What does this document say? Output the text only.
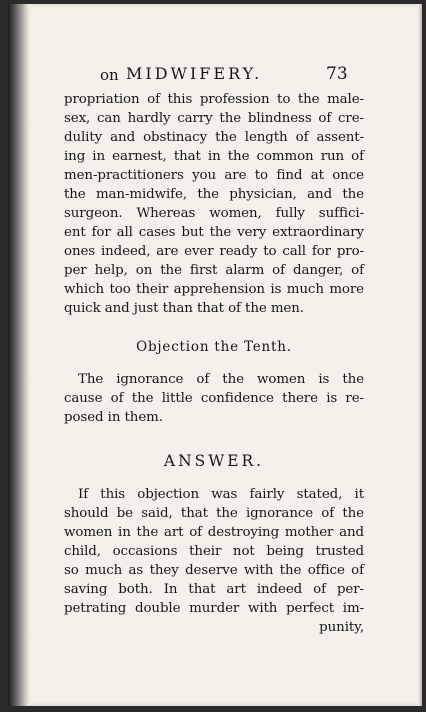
on MIDWIFERY.	73
propriation of this profession to the male-
sex, can hardly carry the blindness of cre-
dulity and obstinacy the length of assent-
ing in earnest, that in the common run of
men-practitioners you are to find at once
the man-midwife, the physician, and the
surgeon. Whereas women, fully suffici-
ent for all cases but the very extraordinary
ones indeed, are ever ready to call for pro-
per help, on the first alarm of danger, of
which too their apprehension is much more
quick and just than that of the men.
Objection the Tenth.
The ignorance of the women is the
cause of the little confidence there is re-
posed in them.
ANSWER.
If this objection was fairly stated, it
should be said, that the ignorance of the
women in the art of destroying mother and
child, occasions their not being trusted
so much as they deserve with the office of
saving both. In that art indeed of per-
petrating double murder with perfect im-
punity,
